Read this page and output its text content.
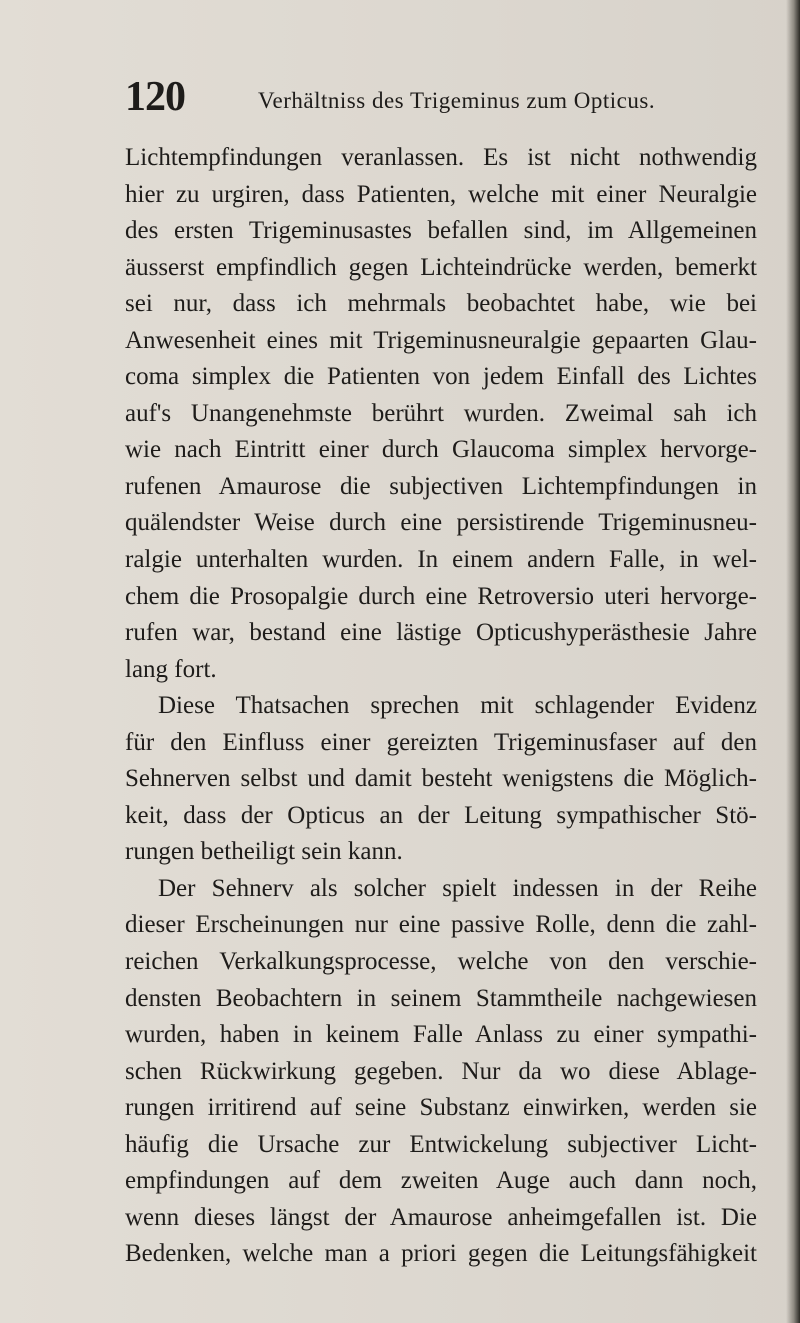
120	Verhältniss des Trigeminus zum Opticus.
Lichtempfindungen veranlassen. Es ist nicht nothwendig
hier zu urgiren, dass Patienten, welche mit einer Neuralgie
des ersten Trigeminusastes befallen sind, im Allgemeinen
äusserst empfindlich gegen Lichteindrücke werden, bemerkt
sei nur, dass ich mehrmals beobachtet habe, wie bei
Anwesenheit eines mit Trigeminusneuralgie gepaarten Glau-
coma simplex die Patienten von jedem Einfall des Lichtes
auf's Unangenehmste berührt wurden. Zweimal sah ich
wie nach Eintritt einer durch Glaucoma simplex hervorge-
rufenen Amaurose die subjectiven Lichtempfindungen in
quälendster Weise durch eine persistirende Trigeminusneu-
ralgie unterhalten wurden. In einem andern Falle, in wel-
chem die Prosopalgie durch eine Retroversio uteri hervorge-
rufen war, bestand eine lästige Opticushyperästhesie Jahre
lang fort.
Diese Thatsachen sprechen mit schlagender Evidenz
für den Einfluss einer gereizten Trigeminusfaser auf den
Sehnerven selbst und damit besteht wenigstens die Möglich-
keit, dass der Opticus an der Leitung sympathischer Stö-
rungen betheiligt sein kann.
Der Sehnerv als solcher spielt indessen in der Reihe
dieser Erscheinungen nur eine passive Rolle, denn die zahl-
reichen Verkalkungsprocesse, welche von den verschie-
densten Beobachtern in seinem Stammtheile nachgewiesen
wurden, haben in keinem Falle Anlass zu einer sympathi-
schen Rückwirkung gegeben. Nur da wo diese Ablage-
rungen irritirend auf seine Substanz einwirken, werden sie
häufig die Ursache zur Entwickelung subjectiver Licht-
empfindungen auf dem zweiten Auge auch dann noch,
wenn dieses längst der Amaurose anheimgefallen ist. Die
Bedenken, welche man a priori gegen die Leitungsfähigkeit
